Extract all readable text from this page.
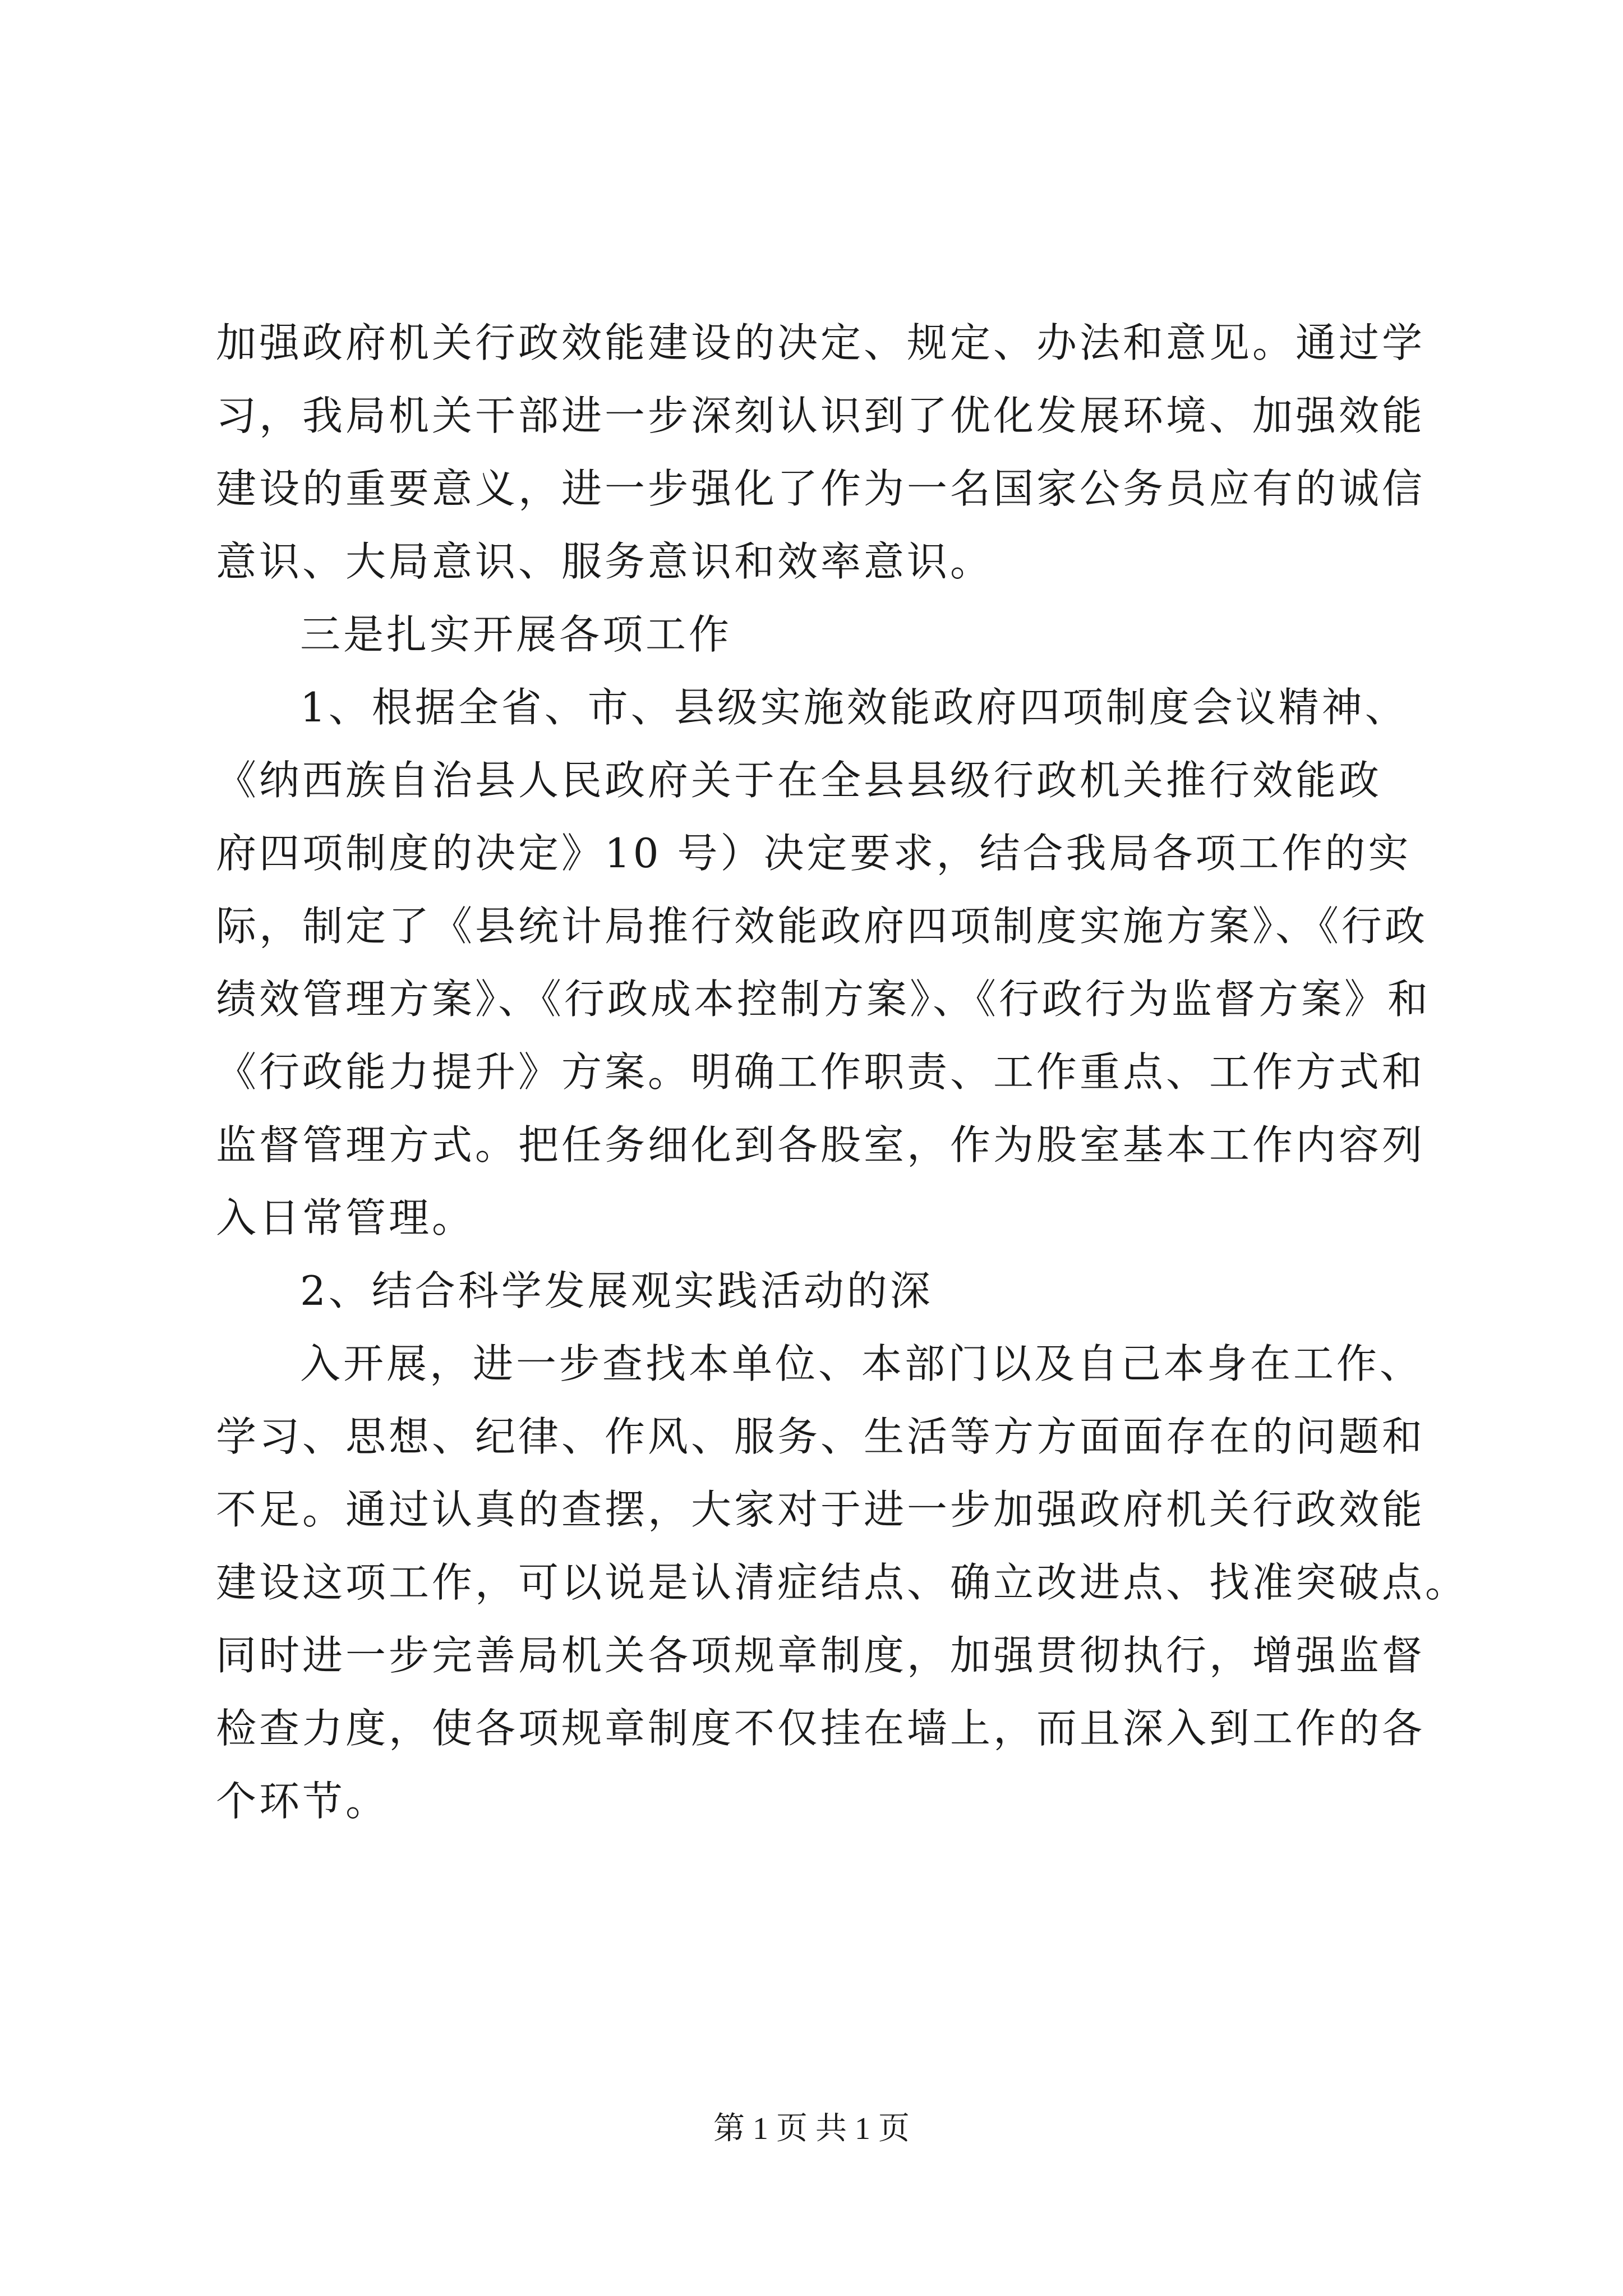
加强政府机关行政效能建设的决定、规定、办法和意见。通过学
习，我局机关干部进一步深刻认识到了优化发展环境、加强效能
建设的重要意义，进一步强化了作为一名国家公务员应有的诚信
意识、大局意识、服务意识和效率意识。
三是扎实开展各项工作
1、根据全省、市、县级实施效能政府四项制度会议精神、
《纳西族自治县人民政府关于在全县县级行政机关推行效能政
府四项制度的决定》10 号）决定要求，结合我局各项工作的实
际，制定了《县统计局推行效能政府四项制度实施方案》、《行政
绩效管理方案》、《行政成本控制方案》、《行政行为监督方案》和
《行政能力提升》方案。明确工作职责、工作重点、工作方式和
监督管理方式。把任务细化到各股室，作为股室基本工作内容列
入日常管理。
2、结合科学发展观实践活动的深
入开展，进一步查找本单位、本部门以及自己本身在工作、
学习、思想、纪律、作风、服务、生活等方方面面存在的问题和
不足。通过认真的查摆，大家对于进一步加强政府机关行政效能
建设这项工作，可以说是认清症结点、确立改进点、找准突破点。
同时进一步完善局机关各项规章制度，加强贯彻执行，增强监督
检查力度，使各项规章制度不仅挂在墙上，而且深入到工作的各
个环节。
第 1 页 共 1 页
